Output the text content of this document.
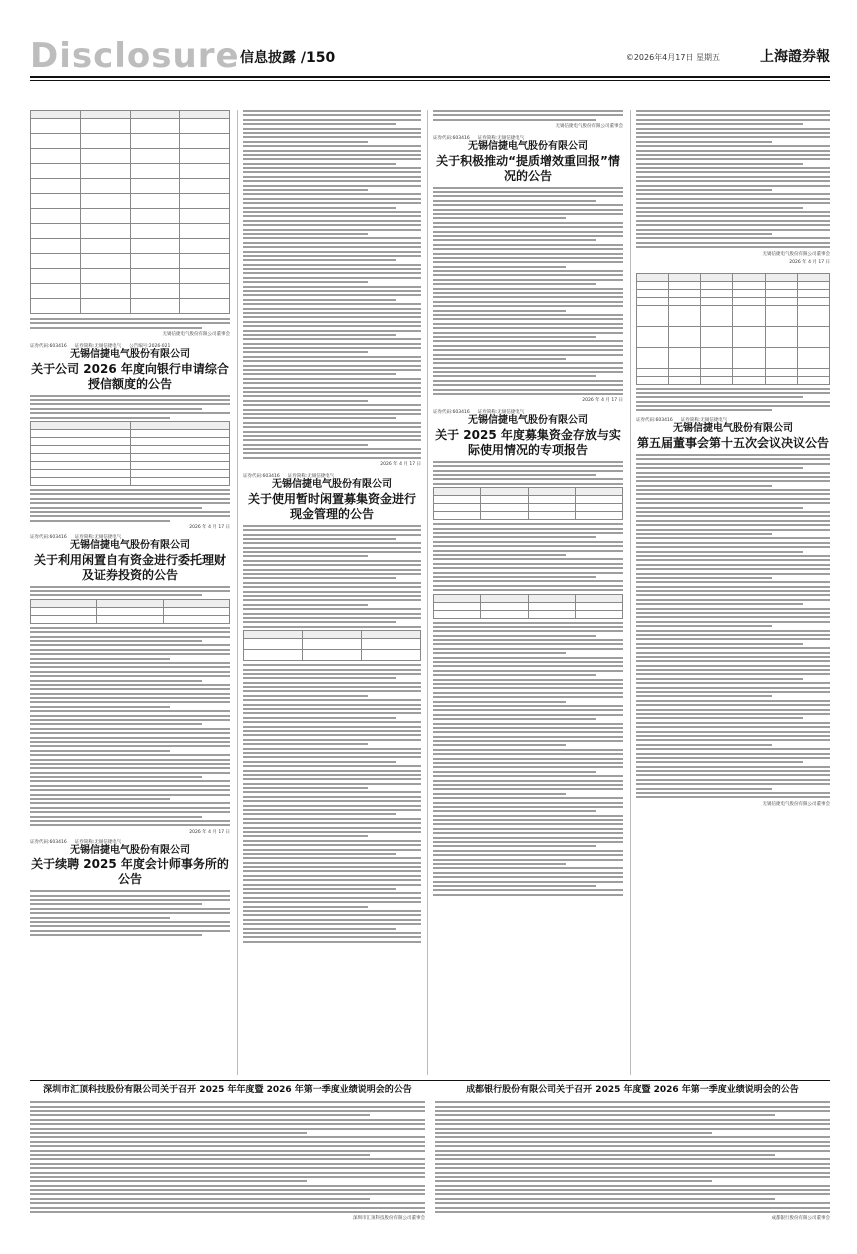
Disclosure 信息披露 /150	©2026年4月17日 星期五	上海證券報

无锡信捷电气股份有限公司董事会
证券代码:603416 证券简称:无锡信捷电气 公告编号:2026-021
无锡信捷电气股份有限公司
关于公司 2026 年度向银行申请综合授信额度的公告

2026 年 4 月 17 日
证券代码:603416 证券简称:无锡信捷电气
无锡信捷电气股份有限公司
关于利用闲置自有资金进行委托理财及证券投资的公告

2026 年 4 月 17 日
证券代码:603416 证券简称:无锡信捷电气
无锡信捷电气股份有限公司
关于续聘 2025 年度会计师事务所的公告
2026 年 4 月 17 日
证券代码:603416 证券简称:无锡信捷电气
无锡信捷电气股份有限公司
关于使用暂时闲置募集资金进行现金管理的公告

无锡信捷电气股份有限公司董事会
证券代码:603416 证券简称:无锡信捷电气
无锡信捷电气股份有限公司
关于积极推动“提质增效重回报”情况的公告
2026 年 4 月 17 日
证券代码:603416 证券简称:无锡信捷电气
无锡信捷电气股份有限公司
关于 2025 年度募集资金存放与实际使用情况的专项报告

无锡信捷电气股份有限公司董事会
2026 年 4 月 17 日

证券代码:603416 证券简称:无锡信捷电气
无锡信捷电气股份有限公司
第五届董事会第十五次会议决议公告
无锡信捷电气股份有限公司董事会
深圳市汇顶科技股份有限公司关于召开 2025 年年度暨 2026 年第一季度业绩说明会的公告
深圳市汇顶科技股份有限公司董事会
成都银行股份有限公司关于召开 2025 年度暨 2026 年第一季度业绩说明会的公告
成都银行股份有限公司董事会
